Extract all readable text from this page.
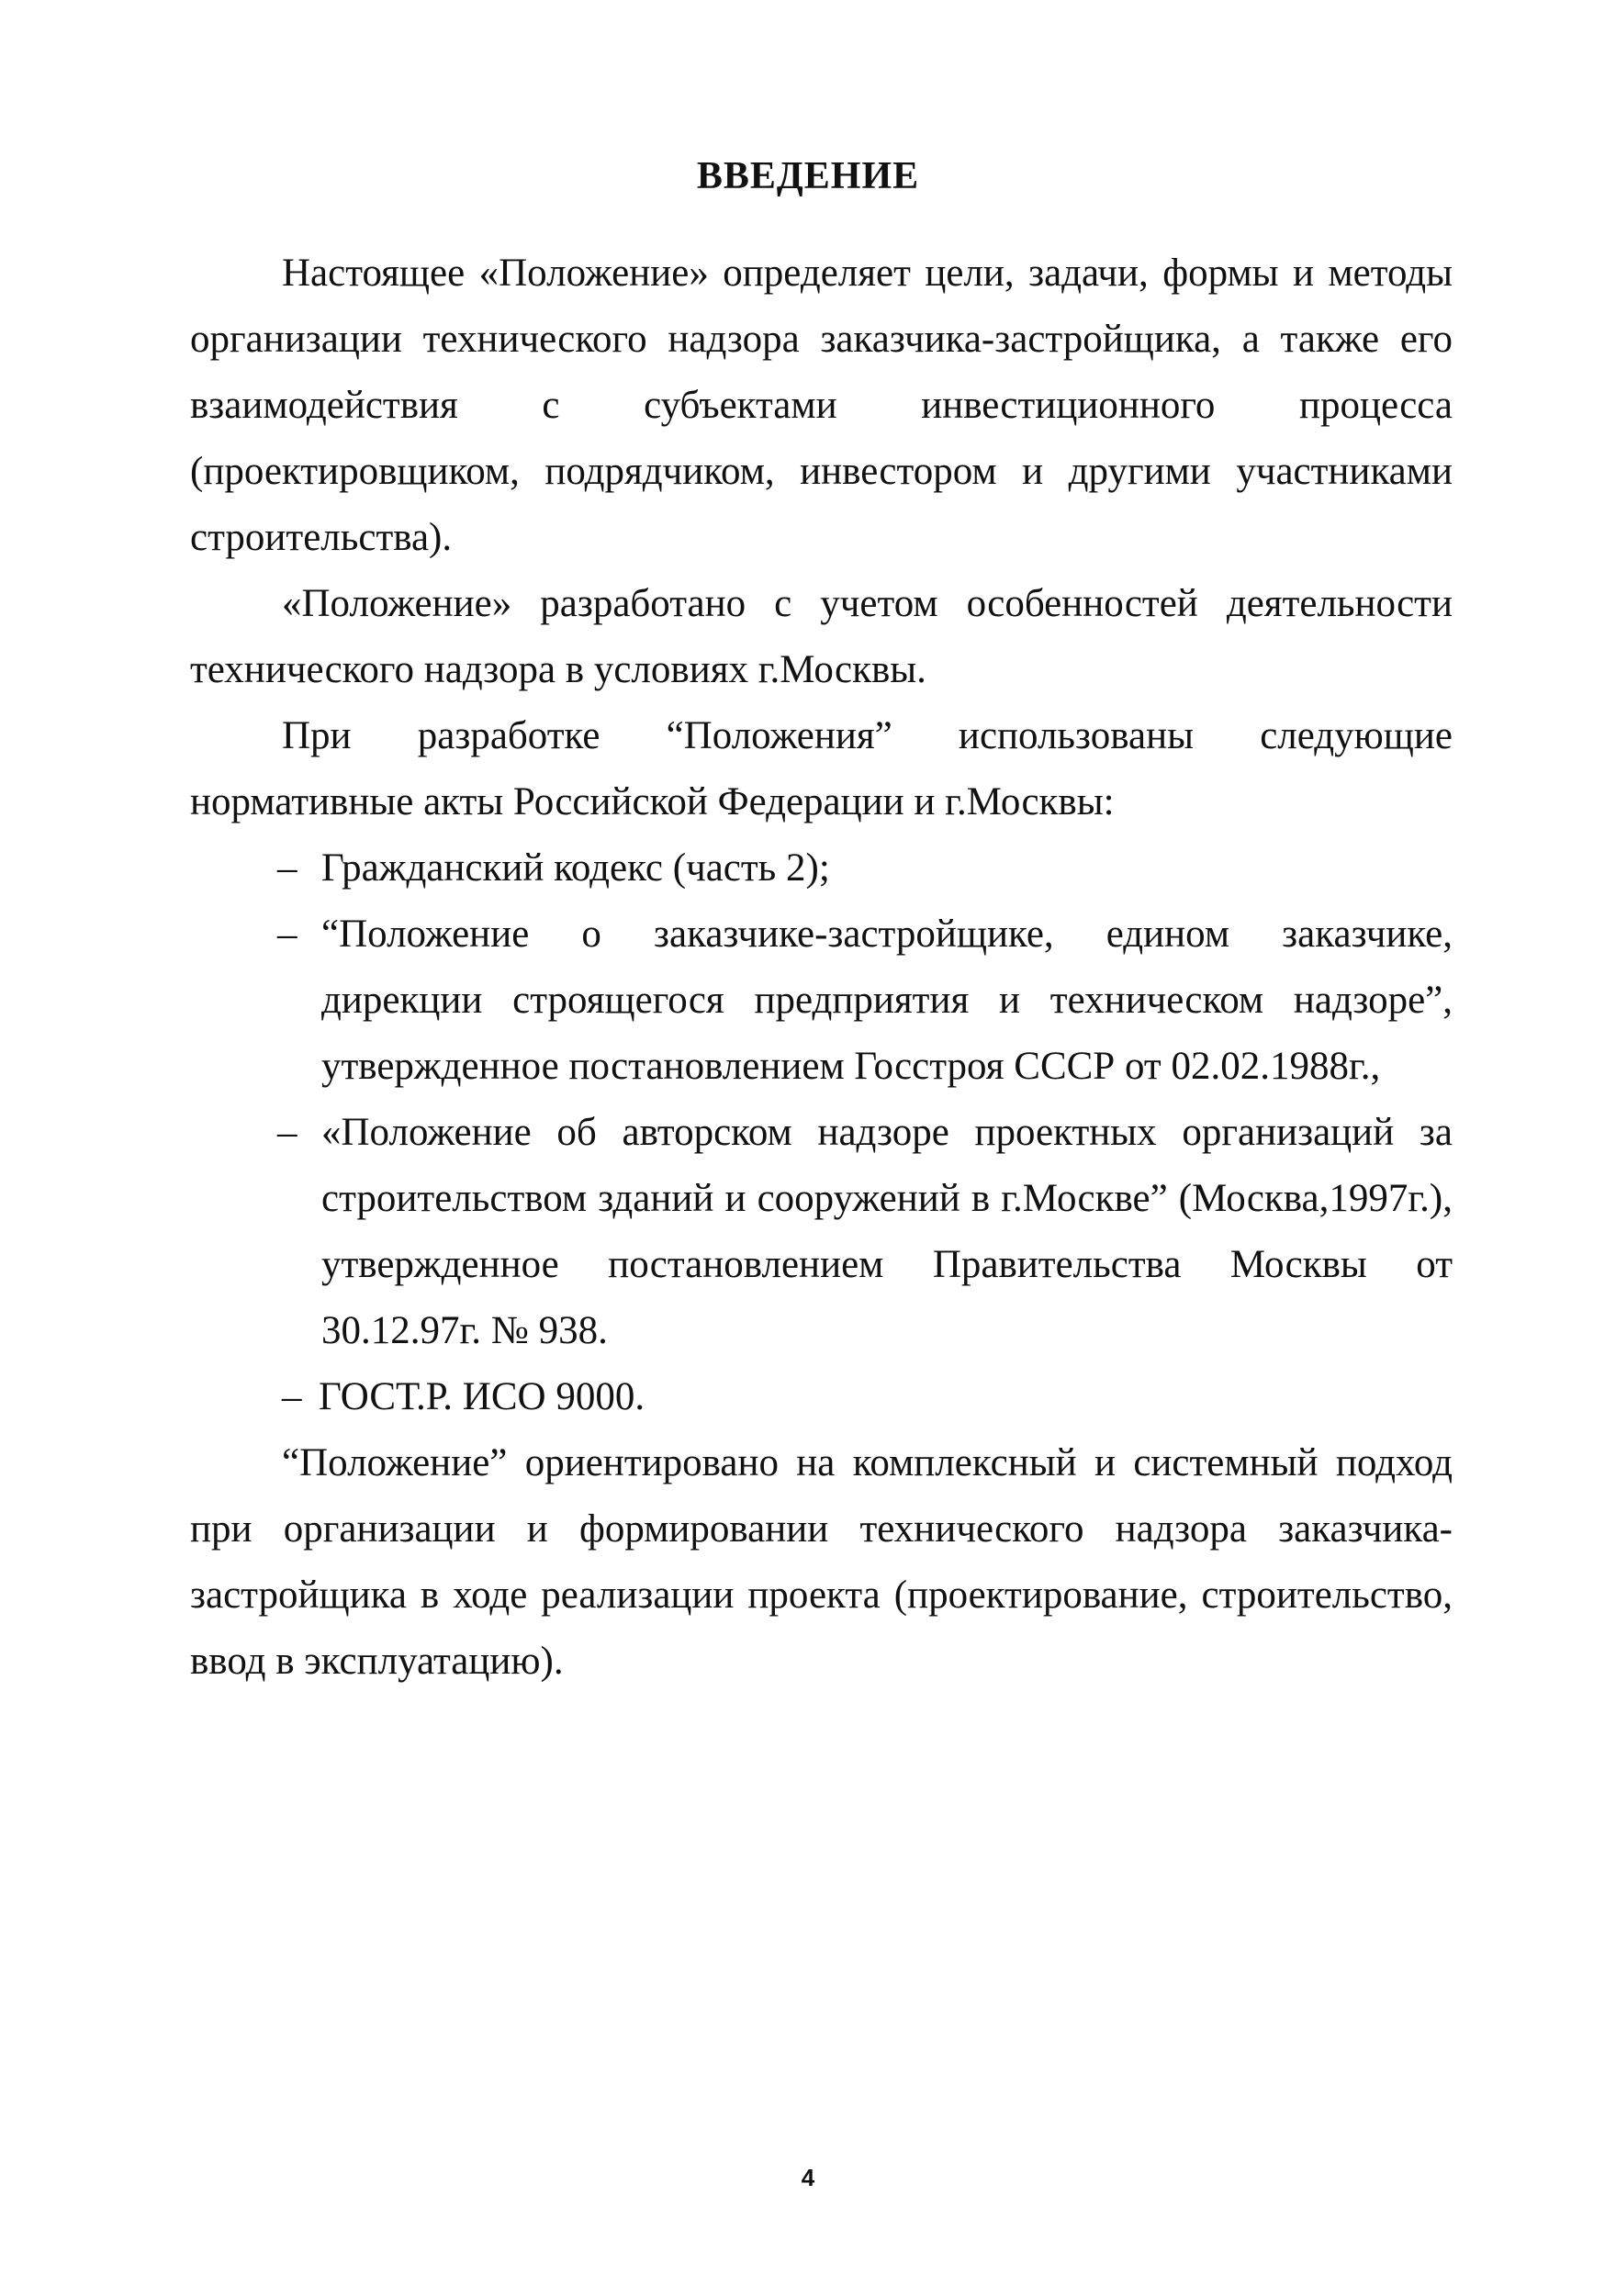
ВВЕДЕНИЕ

Настоящее «Положение» определяет цели, задачи, формы и методы организации технического надзора заказчика-застройщика, а также его взаимодействия с субъектами инвестиционного процесса (проектировщиком, подрядчиком, инвестором и другими участниками строительства).

«Положение» разработано с учетом особенностей деятельности технического надзора в условиях г.Москвы.

При разработке “Положения” использованы следующие нормативные акты Российской Федерации и г.Москвы:

– Гражданский кодекс (часть 2);
– “Положение о заказчике-застройщике, едином заказчике, дирекции строящегося предприятия и техническом надзоре”, утвержденное постановлением Госстроя СССР от 02.02.1988г.,
– «Положение об авторском надзоре проектных организаций за строительством зданий и сооружений в г.Москве” (Москва,1997г.), утвержденное постановлением Правительства Москвы от 30.12.97г. № 938.
– ГОСТ.Р. ИСО 9000.

“Положение” ориентировано на комплексный и системный подход при организации и формировании технического надзора заказчика-застройщика в ходе реализации проекта (проектирование, строительство, ввод в эксплуатацию).

4
